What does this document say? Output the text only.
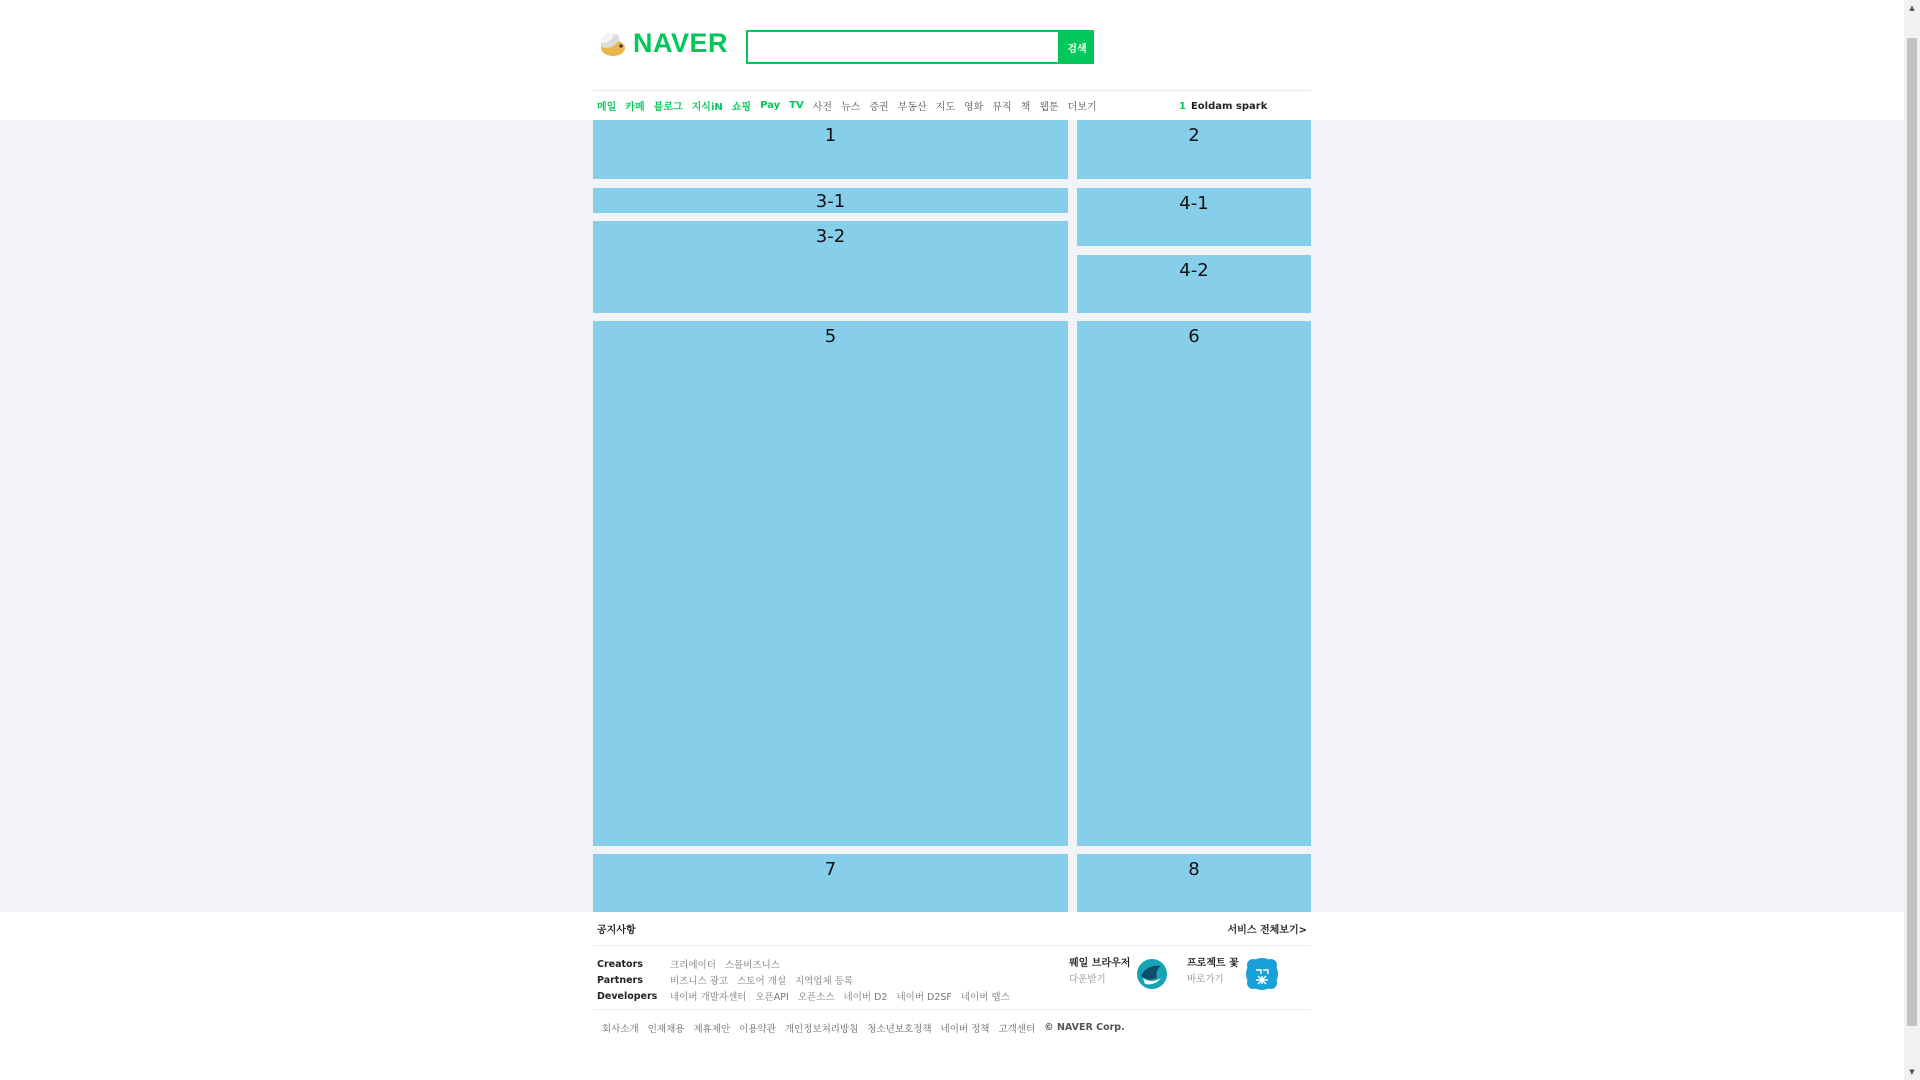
NAVER	검색
메일 카페 블로그 지식iN 쇼핑 Pay TV 사전 뉴스 증권 부동산 지도 영화 뮤직 책 웹툰 더보기	1 Eoldam spark
1	2
3-1
3-2
4-1
4-2
5	6
7	8
공지사항	서비스 전체보기>
Creators	크리에이터 스몰비즈니스
Partners	비즈니스 광고 스토어 개설 지역업체 등록
Developers	네이버 개발자센터 오픈API 오픈소스 네이버 D2 네이버 D2SF 네이버 랩스
웨일 브라우저
다운받기
프로젝트 꽃
바로가기
회사소개 인재채용 제휴제안 이용약관 개인정보처리방침 청소년보호정책 네이버 정책 고객센터 © NAVER Corp.
▲
▼
